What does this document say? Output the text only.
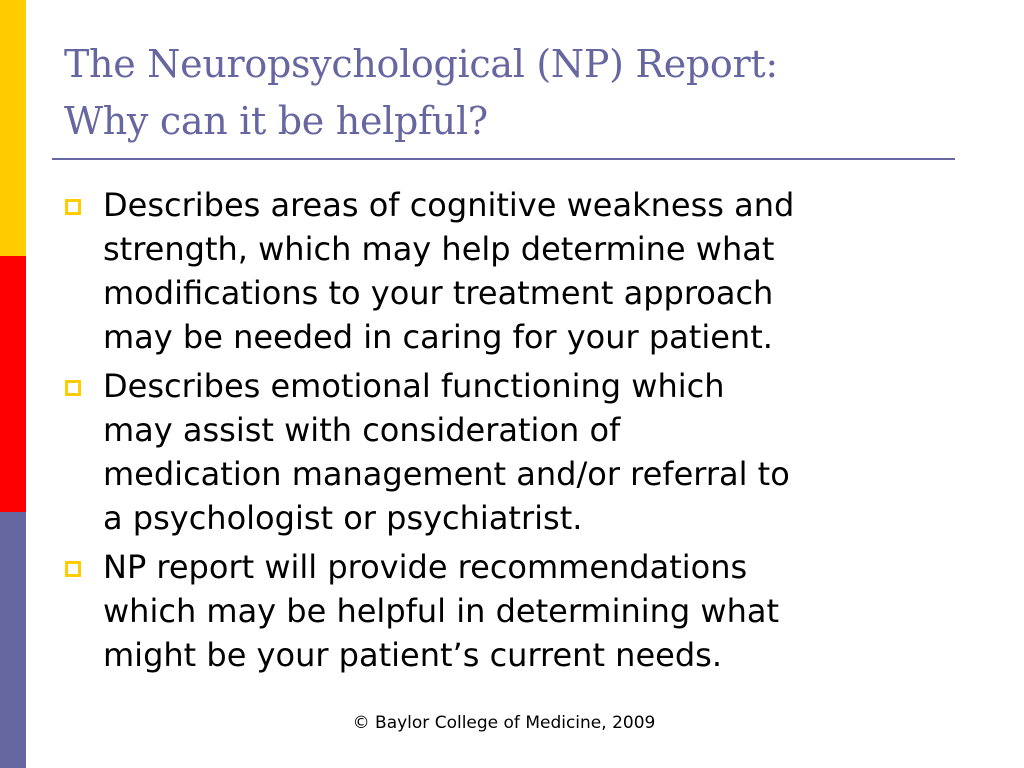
The Neuropsychological (NP) Report:
Why can it be helpful?
Describes areas of cognitive weakness and
strength, which may help determine what
modifications to your treatment approach
may be needed in caring for your patient.
Describes emotional functioning which
may assist with consideration of
medication management and/or referral to
a psychologist or psychiatrist.
NP report will provide recommendations
which may be helpful in determining what
might be your patient’s current needs.
© Baylor College of Medicine, 2009
